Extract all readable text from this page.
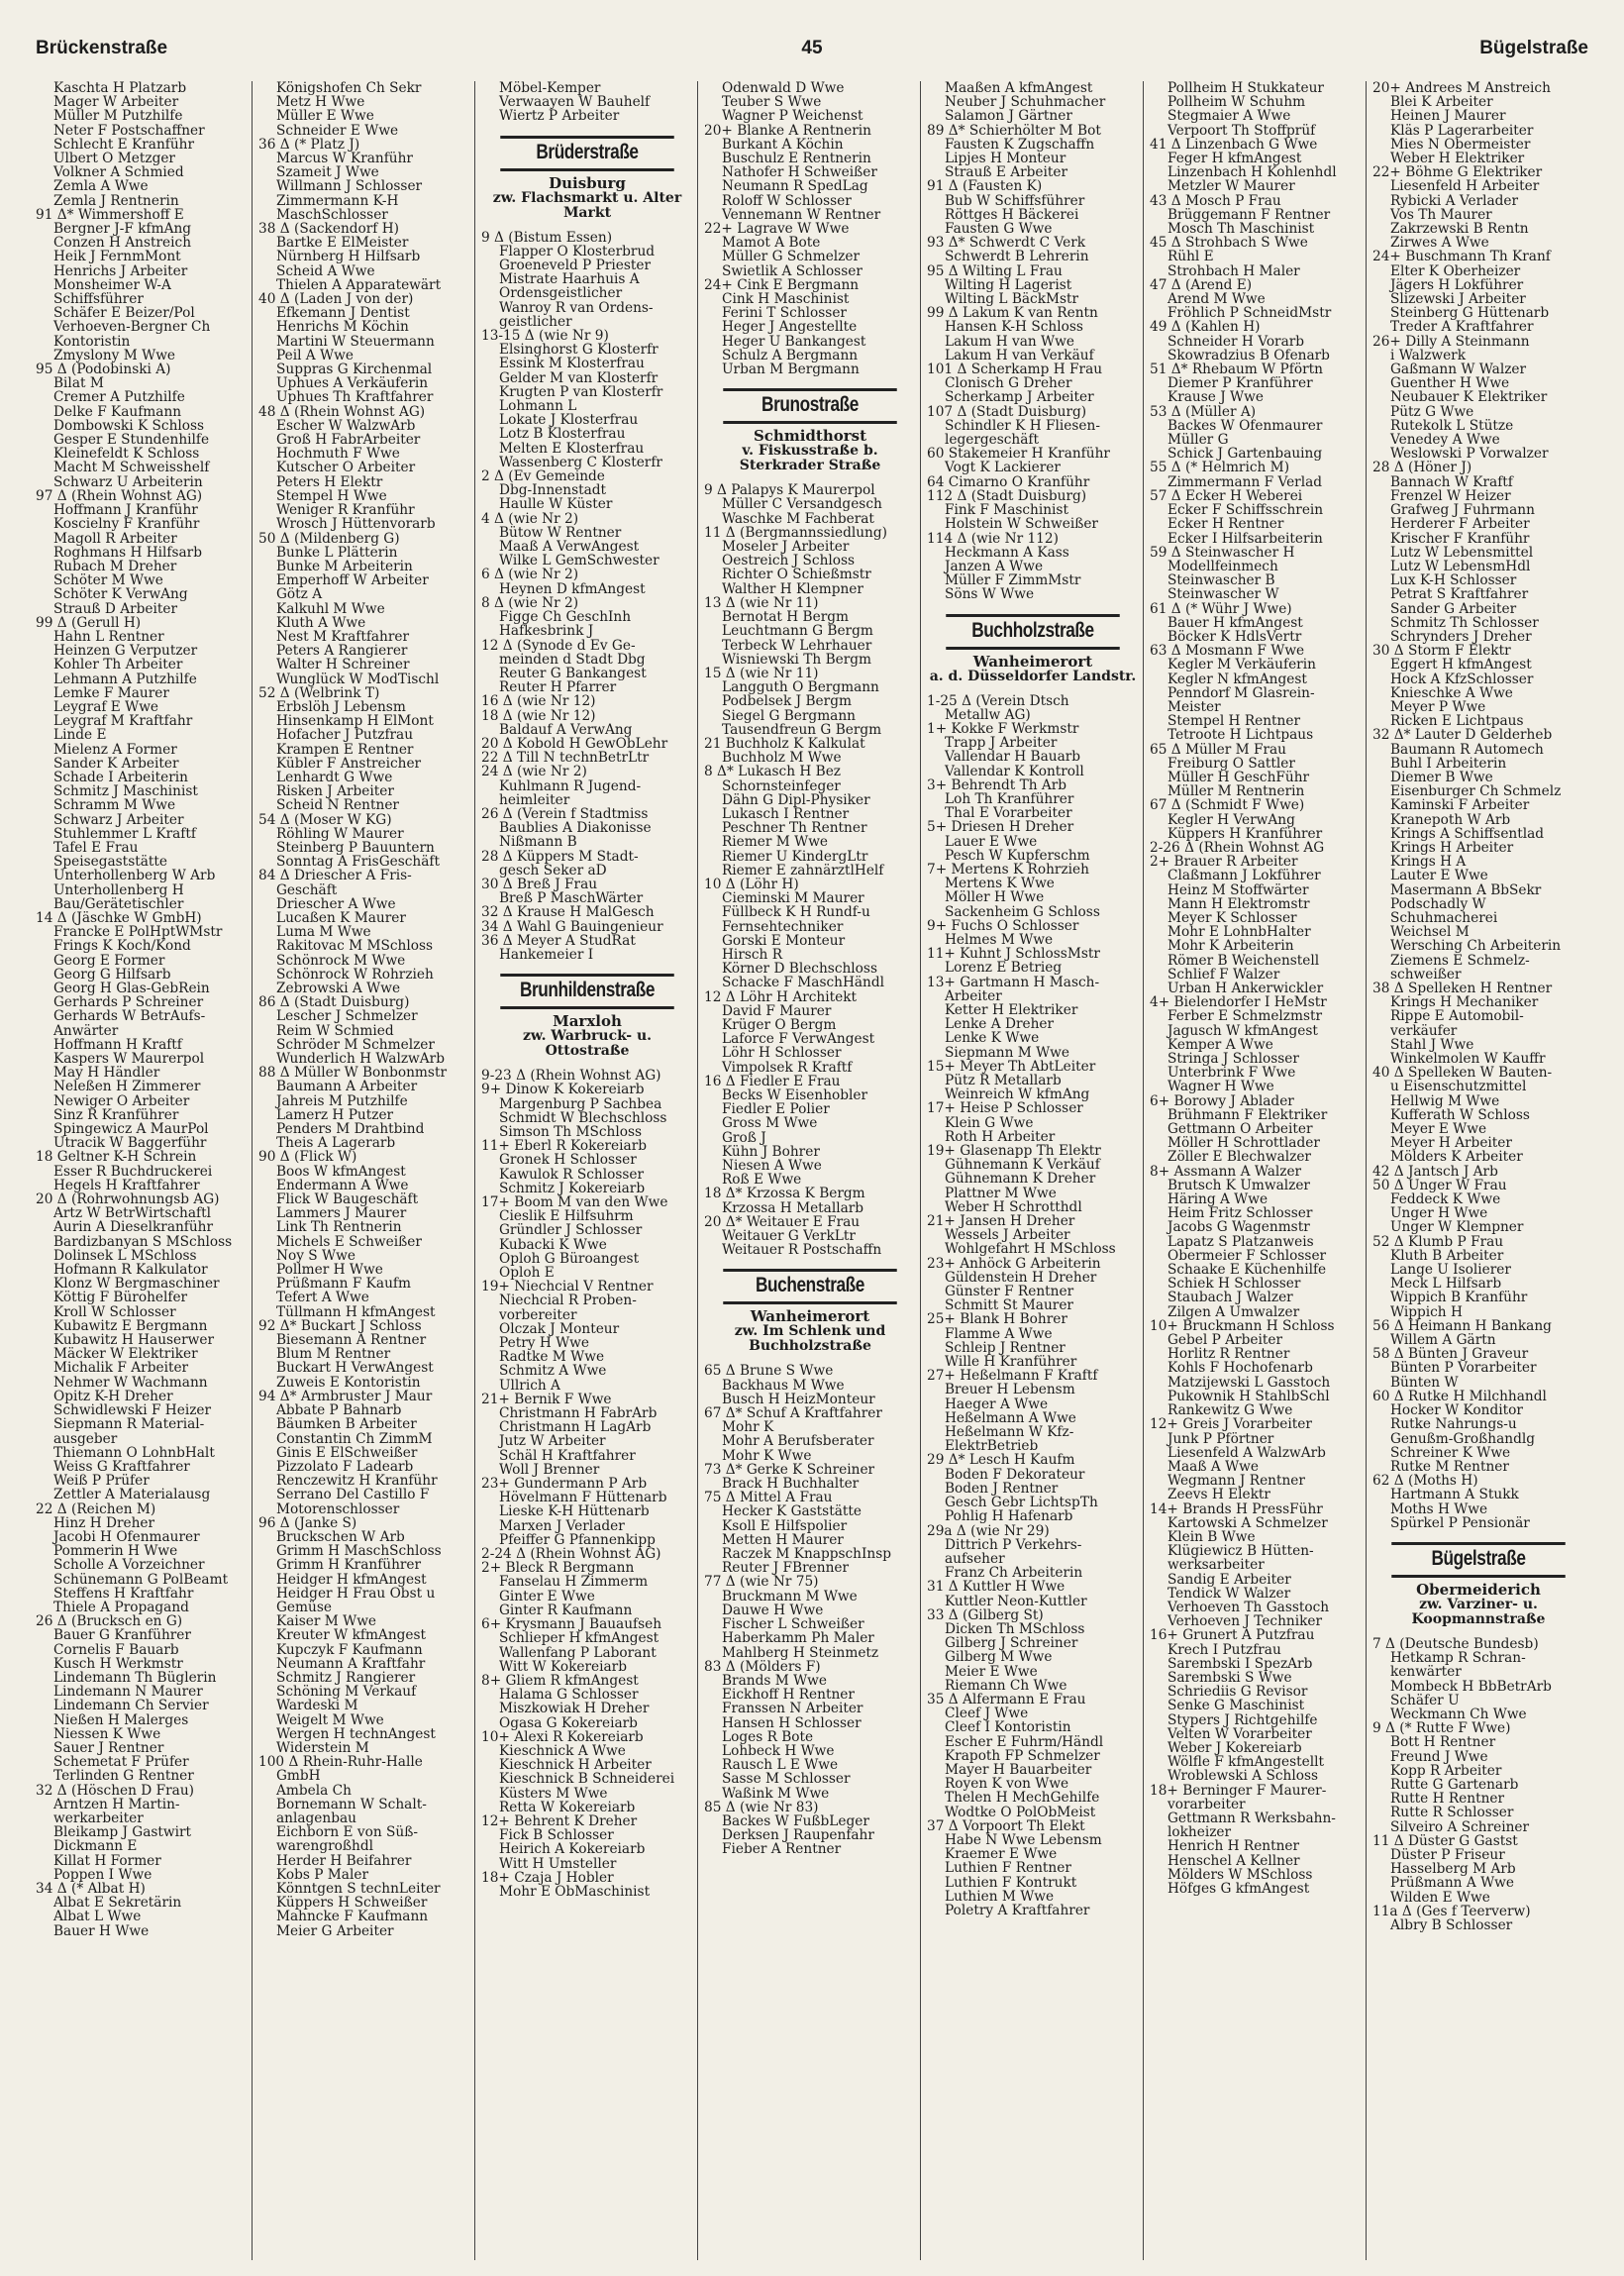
Brückenstraße	45	Bügelstraße
Kaschta H Platzarb
Mager W Arbeiter
Müller M Putzhilfe
Neter F Postschaffner
Schlecht E Kranführ
Ulbert O Metzger
Volkner A Schmied
Zemla A Wwe
Zemla J Rentnerin
91 Δ* Wimmershoff E
Bergner J-F kfmAng
Conzen H Anstreich
Heik J FernmMont
Henrichs J Arbeiter
Monsheimer W-A
Schiffsführer
Schäfer E Beizer/Pol
Verhoeven-Bergner Ch
Kontoristin
Zmyslony M Wwe
95 Δ (Podobinski A)
Bilat M
Cremer A Putzhilfe
Delke F Kaufmann
Dombowski K Schloss
Gesper E Stundenhilfe
Kleinefeldt K Schloss
Macht M Schweisshelf
Schwarz U Arbeiterin
97 Δ (Rhein Wohnst AG)
Hoffmann J Kranführ
Koscielny F Kranführ
Magoll R Arbeiter
Roghmans H Hilfsarb
Rubach M Dreher
Schöter M Wwe
Schöter K VerwAng
Strauß D Arbeiter
99 Δ (Gerull H)
Hahn L Rentner
Heinzen G Verputzer
Kohler Th Arbeiter
Lehmann A Putzhilfe
Lemke F Maurer
Leygraf E Wwe
Leygraf M Kraftfahr
Linde E
Mielenz A Former
Sander K Arbeiter
Schade I Arbeiterin
Schmitz J Maschinist
Schramm M Wwe
Schwarz J Arbeiter
Stuhlemmer L Kraftf
Tafel E Frau
Speisegaststätte
Unterhollenberg W Arb
Unterhollenberg H
Bau/Gerätetischler
14 Δ (Jäschke W GmbH)
Francke E PolHptWMstr
Frings K Koch/Kond
Georg E Former
Georg G Hilfsarb
Georg H Glas-GebRein
Gerhards P Schreiner
Gerhards W BetrAufs-
Anwärter
Hoffmann H Kraftf
Kaspers W Maurerpol
May H Händler
Neleßen H Zimmerer
Newiger O Arbeiter
Sinz R Kranführer
Spingewicz A MaurPol
Utracik W Baggerführ
18 Geltner K-H Schrein
Esser R Buchdruckerei
Hegels H Kraftfahrer
20 Δ (Rohrwohnungsb AG)
Artz W BetrWirtschaftl
Aurin A Dieselkranführ
Bardizbanyan S MSchloss
Dolinsek L MSchloss
Hofmann R Kalkulator
Klonz W Bergmaschiner
Köttig F Bürohelfer
Kroll W Schlosser
Kubawitz E Bergmann
Kubawitz H Hauserwer
Mäcker W Elektriker
Michalik F Arbeiter
Nehmer W Wachmann
Opitz K-H Dreher
Schwidlewski F Heizer
Siepmann R Material-
ausgeber
Thiemann O LohnbHalt
Weiss G Kraftfahrer
Weiß P Prüfer
Zettler A Materialausg
22 Δ (Reichen M)
Hinz H Dreher
Jacobi H Ofenmaurer
Pommerin H Wwe
Scholle A Vorzeichner
Schünemann G PolBeamt
Steffens H Kraftfahr
Thiele A Propagand
26 Δ (Brucksch en G)
Bauer G Kranführer
Cornelis F Bauarb
Kusch H Werkmstr
Lindemann Th Büglerin
Lindemann N Maurer
Lindemann Ch Servier
Nießen H Malerges
Niessen K Wwe
Sauer J Rentner
Schemetat F Prüfer
Terlinden G Rentner
32 Δ (Höschen D Frau)
Arntzen H Martin-
werkarbeiter
Bleikamp J Gastwirt
Dickmann E
Killat H Former
Poppen I Wwe
34 Δ (* Albat H)
Albat E Sekretärin
Albat L Wwe
Bauer H Wwe
Königshofen Ch Sekr
Metz H Wwe
Müller E Wwe
Schneider E Wwe
36 Δ (* Platz J)
Marcus W Kranführ
Szameit J Wwe
Willmann J Schlosser
Zimmermann K-H
MaschSchlosser
38 Δ (Sackendorf H)
Bartke E ElMeister
Nürnberg H Hilfsarb
Scheid A Wwe
Thielen A Apparatewärt
40 Δ (Laden J von der)
Efkemann J Dentist
Henrichs M Köchin
Martini W Steuermann
Peil A Wwe
Suppras G Kirchenmal
Uphues A Verkäuferin
Uphues Th Kraftfahrer
48 Δ (Rhein Wohnst AG)
Escher W WalzwArb
Groß H FabrArbeiter
Hochmuth F Wwe
Kutscher O Arbeiter
Peters H Elektr
Stempel H Wwe
Weniger R Kranführ
Wrosch J Hüttenvorarb
50 Δ (Mildenberg G)
Bunke L Plätterin
Bunke M Arbeiterin
Emperhoff W Arbeiter
Götz A
Kalkuhl M Wwe
Kluth A Wwe
Nest M Kraftfahrer
Peters A Rangierer
Walter H Schreiner
Wunglück W ModTischl
52 Δ (Welbrink T)
Erbslöh J Lebensm
Hinsenkamp H ElMont
Hofacher J Putzfrau
Krampen E Rentner
Kübler F Anstreicher
Lenhardt G Wwe
Risken J Arbeiter
Scheid N Rentner
54 Δ (Moser W KG)
Röhling W Maurer
Steinberg P Bauuntern
Sonntag A FrisGeschäft
84 Δ Driescher A Fris-
Geschäft
Driescher A Wwe
Lucaßen K Maurer
Luma M Wwe
Rakitovac M MSchloss
Schönrock M Wwe
Schönrock W Rohrzieh
Zebrowski A Wwe
86 Δ (Stadt Duisburg)
Lescher J Schmelzer
Reim W Schmied
Schröder M Schmelzer
Wunderlich H WalzwArb
88 Δ Müller W Bonbonmstr
Baumann A Arbeiter
Jahreis M Putzhilfe
Lamerz H Putzer
Penders M Drahtbind
Theis A Lagerarb
90 Δ (Flick W)
Boos W kfmAngest
Endermann A Wwe
Flick W Baugeschäft
Lammers J Maurer
Link Th Rentnerin
Michels E Schweißer
Noy S Wwe
Pollmer H Wwe
Prüßmann F Kaufm
Tefert A Wwe
Tüllmann H kfmAngest
92 Δ* Buckart J Schloss
Biesemann A Rentner
Blum M Rentner
Buckart H VerwAngest
Zuweis E Kontoristin
94 Δ* Armbruster J Maur
Abbate P Bahnarb
Bäumken B Arbeiter
Constantin Ch ZimmM
Ginis E ElSchweißer
Pizzolato F Ladearb
Renczewitz H Kranführ
Serrano Del Castillo F
Motorenschlosser
96 Δ (Janke S)
Bruckschen W Arb
Grimm H MaschSchloss
Grimm H Kranführer
Heidger H kfmAngest
Heidger H Frau Obst u
Gemüse
Kaiser M Wwe
Kreuter W kfmAngest
Kupczyk F Kaufmann
Neumann A Kraftfahr
Schmitz J Rangierer
Schöning M Verkauf
Wardeski M
Weigelt M Wwe
Wergen H technAngest
Widerstein M
100 Δ Rhein-Ruhr-Halle
GmbH
Ambela Ch
Bornemann W Schalt-
anlagenbau
Eichborn E von Süß-
warengroßhdl
Herder H Beifahrer
Kobs P Maler
Könntgen S technLeiter
Küppers H Schweißer
Mahncke F Kaufmann
Meier G Arbeiter
Möbel-Kemper
Verwaayen W Bauhelf
Wiertz P Arbeiter
Brüderstraße
Duisburg
zw. Flachsmarkt u. Alter Markt
9 Δ (Bistum Essen)
Flapper O Klosterbrud
Groeneveld P Priester
Mistrate Haarhuis A
Ordensgeistlicher
Wanroy R van Ordens-
geistlicher
13-15 Δ (wie Nr 9)
Elsinghorst G Klosterfr
Essink M Klosterfrau
Gelder M van Klosterfr
Krugten P van Klosterfr
Lohmann L
Lokate J Klosterfrau
Lotz B Klosterfrau
Melten E Klosterfrau
Wassenberg C Klosterfr
2 Δ (Ev Gemeinde
Dbg-Innenstadt
Haulle W Küster
4 Δ (wie Nr 2)
Bütow W Rentner
Maaß A VerwAngest
Wilke L GemSchwester
6 Δ (wie Nr 2)
Heynen D kfmAngest
8 Δ (wie Nr 2)
Figge Ch GeschInh
Hafkesbrink J
12 Δ (Synode d Ev Ge-
meinden d Stadt Dbg
Reuter G Bankangest
Reuter H Pfarrer
16 Δ (wie Nr 12)
18 Δ (wie Nr 12)
Baldauf A VerwAng
20 Δ Kobold H GewObLehr
22 Δ Till N technBetrLtr
24 Δ (wie Nr 2)
Kuhlmann R Jugend-
heimleiter
26 Δ (Verein f Stadtmiss
Baublies A Diakonisse
Nißmann B
28 Δ Küppers M Stadt-
gesch Seker aD
30 Δ Breß J Frau
Breß P MaschWärter
32 Δ Krause H MalGesch
34 Δ Wahl G Bauingenieur
36 Δ Meyer A StudRat
Hankemeier I
Brunhildenstraße
Marxloh
zw. Warbruck- u. Ottostraße
9-23 Δ (Rhein Wohnst AG)
9+ Dinow K Kokereiarb
Margenburg P Sachbea
Schmidt W Blechschloss
Simson Th MSchloss
11+ Eberl R Kokereiarb
Gronek H Schlosser
Kawulok R Schlosser
Schmitz J Kokereiarb
17+ Boom M van den Wwe
Cieslik E Hilfsuhrm
Gründler J Schlosser
Kubacki K Wwe
Oploh G Büroangest
Oploh E
19+ Niechcial V Rentner
Niechcial R Proben-
vorbereiter
Olczak J Monteur
Petry H Wwe
Radtke M Wwe
Schmitz A Wwe
Ullrich A
21+ Bernik F Wwe
Christmann H FabrArb
Christmann H LagArb
Jutz W Arbeiter
Schäl H Kraftfahrer
Woll J Brenner
23+ Gundermann P Arb
Hövelmann F Hüttenarb
Lieske K-H Hüttenarb
Marxen J Verlader
Pfeiffer G Pfannenkipp
2-24 Δ (Rhein Wohnst AG)
2+ Bleck R Bergmann
Fanselau H Zimmerm
Ginter E Wwe
Ginter R Kaufmann
6+ Krysmann J Bauaufseh
Schlieper H kfmAngest
Wallenfang P Laborant
Witt W Kokereiarb
8+ Gliem R kfmAngest
Halama G Schlosser
Miszkowiak H Dreher
Ogasa G Kokereiarb
10+ Alexi R Kokereiarb
Kieschnick A Wwe
Kieschnick H Arbeiter
Kieschnick B Schneiderei
Küsters M Wwe
Retta W Kokereiarb
12+ Behrent K Dreher
Fick B Schlosser
Heirich A Kokereiarb
Witt H Umsteller
18+ Czaja J Hobler
Mohr E ObMaschinist
Odenwald D Wwe
Teuber S Wwe
Wagner P Weichenst
20+ Blanke A Rentnerin
Burkant A Köchin
Buschulz E Rentnerin
Nathofer H Schweißer
Neumann R SpedLag
Roloff W Schlosser
Vennemann W Rentner
22+ Lagrave W Wwe
Mamot A Bote
Müller G Schmelzer
Swietlik A Schlosser
24+ Cink E Bergmann
Cink H Maschinist
Ferini T Schlosser
Heger J Angestellte
Heger U Bankangest
Schulz A Bergmann
Urban M Bergmann
Brunostraße
Schmidthorst
v. Fiskusstraße b. Sterkrader Straße
9 Δ Palapys K Maurerpol
Müller C Versandgesch
Waschke M Fachberat
11 Δ (Bergmannssiedlung)
Moseler J Arbeiter
Oestreich J Schloss
Richter O Schießmstr
Walther H Klempner
13 Δ (wie Nr 11)
Bernotat H Bergm
Leuchtmann G Bergm
Terbeck W Lehrhauer
Wisniewski Th Bergm
15 Δ (wie Nr 11)
Langguth O Bergmann
Podbelsek J Bergm
Siegel G Bergmann
Tausendfreun G Bergm
21 Buchholz K Kalkulat
Buchholz M Wwe
8 Δ* Lukasch H Bez
Schornsteinfeger
Dähn G Dipl-Physiker
Lukasch I Rentner
Peschner Th Rentner
Riemer M Wwe
Riemer U KindergLtr
Riemer E zahnärztlHelf
10 Δ (Löhr H)
Cieminski M Maurer
Füllbeck K H Rundf-u
Fernsehtechniker
Gorski E Monteur
Hirsch R
Körner D Blechschloss
Schacke F MaschHändl
12 Δ Löhr H Architekt
David F Maurer
Krüger O Bergm
Laforce F VerwAngest
Löhr H Schlosser
Vimpolsek R Kraftf
16 Δ Fiedler E Frau
Becks W Eisenhobler
Fiedler E Polier
Gross M Wwe
Groß J
Kühn J Bohrer
Niesen A Wwe
Roß E Wwe
18 Δ* Krzossa K Bergm
Krzossa H Metallarb
20 Δ* Weitauer E Frau
Weitauer G VerkLtr
Weitauer R Postschaffn
Buchenstraße
Wanheimerort
zw. Im Schlenk und Buchholzstraße
65 Δ Brune S Wwe
Backhaus M Wwe
Busch H HeizMonteur
67 Δ* Schuf A Kraftfahrer
Mohr K
Mohr A Berufsberater
Mohr K Wwe
73 Δ* Gerke K Schreiner
Brack H Buchhalter
75 Δ Mittel A Frau
Hecker K Gaststätte
Ksoll E Hilfspolier
Metten H Maurer
Raczek M KnappschInsp
Reuter J FBrenner
77 Δ (wie Nr 75)
Bruckmann M Wwe
Dauwe H Wwe
Fischer L Schweißer
Haberkamm Ph Maler
Mahlberg H Steinmetz
83 Δ (Mölders F)
Brands M Wwe
Eickhoff H Rentner
Franssen N Arbeiter
Hansen H Schlosser
Loges R Bote
Lohbeck H Wwe
Rausch L E Wwe
Sasse M Schlosser
Waßink M Wwe
85 Δ (wie Nr 83)
Backes W FußbLeger
Derksen J Raupenfahr
Fieber A Rentner
Maaßen A kfmAngest
Neuber J Schuhmacher
Salamon J Gärtner
89 Δ* Schierhölter M Bot
Fausten K Zugschaffn
Lipjes H Monteur
Strauß E Arbeiter
91 Δ (Fausten K)
Bub W Schiffsführer
Röttges H Bäckerei
Fausten G Wwe
93 Δ* Schwerdt C Verk
Schwerdt B Lehrerin
95 Δ Wilting L Frau
Wilting H Lagerist
Wilting L BäckMstr
99 Δ Lakum K van Rentn
Hansen K-H Schloss
Lakum H van Wwe
Lakum H van Verkäuf
101 Δ Scherkamp H Frau
Clonisch G Dreher
Scherkamp J Arbeiter
107 Δ (Stadt Duisburg)
Schindler K H Fliesen-
legergeschäft
60 Stakemeier H Kranführ
Vogt K Lackierer
64 Cimarno O Kranführ
112 Δ (Stadt Duisburg)
Fink F Maschinist
Holstein W Schweißer
114 Δ (wie Nr 112)
Heckmann A Kass
Janzen A Wwe
Müller F ZimmMstr
Söns W Wwe
Buchholzstraße
Wanheimerort
a. d. Düsseldorfer Landstr.
1-25 Δ (Verein Dtsch
Metallw AG)
1+ Kokke F Werkmstr
Trapp J Arbeiter
Vallendar H Bauarb
Vallendar K Kontroll
3+ Behrendt Th Arb
Loh Th Kranführer
Thal E Vorarbeiter
5+ Driesen H Dreher
Lauer E Wwe
Pesch W Kupferschm
7+ Mertens K Rohrzieh
Mertens K Wwe
Möller H Wwe
Sackenheim G Schloss
9+ Fuchs O Schlosser
Helmes M Wwe
11+ Kuhnt J SchlossMstr
Lorenz E Betrieg
13+ Gartmann H Masch-
Arbeiter
Ketter H Elektriker
Lenke A Dreher
Lenke K Wwe
Siepmann M Wwe
15+ Meyer Th AbtLeiter
Pütz R Metallarb
Weinreich W kfmAng
17+ Heise P Schlosser
Klein G Wwe
Roth H Arbeiter
19+ Glasenapp Th Elektr
Gühnemann K Verkäuf
Gühnemann K Dreher
Plattner M Wwe
Weber H Schrotthdl
21+ Jansen H Dreher
Wessels J Arbeiter
Wohlgefahrt H MSchloss
23+ Anhöck G Arbeiterin
Güldenstein H Dreher
Günster F Rentner
Schmitt St Maurer
25+ Blank H Bohrer
Flamme A Wwe
Schleip J Rentner
Wille H Kranführer
27+ Heßelmann F Kraftf
Breuer H Lebensm
Haeger A Wwe
Heßelmann A Wwe
Heßelmann W Kfz-
ElektrBetrieb
29 Δ* Lesch H Kaufm
Boden F Dekorateur
Boden J Rentner
Gesch Gebr LichtspTh
Pohlig H Hafenarb
29a Δ (wie Nr 29)
Dittrich P Verkehrs-
aufseher
Franz Ch Arbeiterin
31 Δ Kuttler H Wwe
Kuttler Neon-Kuttler
33 Δ (Gilberg St)
Dicken Th MSchloss
Gilberg J Schreiner
Gilberg M Wwe
Meier E Wwe
Riemann Ch Wwe
35 Δ Alfermann E Frau
Cleef J Wwe
Cleef I Kontoristin
Escher E Fuhrm/Händl
Krapoth FP Schmelzer
Mayer H Bauarbeiter
Royen K von Wwe
Thelen H MechGehilfe
Wodtke O PolObMeist
37 Δ Vorpoort Th Elekt
Habe N Wwe Lebensm
Kraemer E Wwe
Luthien F Rentner
Luthien F Kontrukt
Luthien M Wwe
Poletry A Kraftfahrer
Pollheim H Stukkateur
Pollheim W Schuhm
Stegmaier A Wwe
Verpoort Th Stoffprüf
41 Δ Linzenbach G Wwe
Feger H kfmAngest
Linzenbach H Kohlenhdl
Metzler W Maurer
43 Δ Mosch P Frau
Brüggemann F Rentner
Mosch Th Maschinist
45 Δ Strohbach S Wwe
Rühl E
Strohbach H Maler
47 Δ (Arend E)
Arend M Wwe
Fröhlich P SchneidMstr
49 Δ (Kahlen H)
Schneider H Vorarb
Skowradzius B Ofenarb
51 Δ* Rhebaum W Pförtn
Diemer P Kranführer
Krause J Wwe
53 Δ (Müller A)
Backes W Ofenmaurer
Müller G
Schick J Gartenbauing
55 Δ (* Helmrich M)
Zimmermann F Verlad
57 Δ Ecker H Weberei
Ecker F Schiffsschrein
Ecker H Rentner
Ecker I Hilfsarbeiterin
59 Δ Steinwascher H
Modellfeinmech
Steinwascher B
Steinwascher W
61 Δ (* Wühr J Wwe)
Bauer H kfmAngest
Böcker K HdlsVertr
63 Δ Mosmann F Wwe
Kegler M Verkäuferin
Kegler N kfmAngest
Penndorf M Glasrein-
Meister
Stempel H Rentner
Tetroote H Lichtpaus
65 Δ Müller M Frau
Freiburg O Sattler
Müller H GeschFühr
Müller M Rentnerin
67 Δ (Schmidt F Wwe)
Kegler H VerwAng
Küppers H Kranführer
2-26 Δ (Rhein Wohnst AG
2+ Brauer R Arbeiter
Claßmann J Lokführer
Heinz M Stoffwärter
Mann H Elektromstr
Meyer K Schlosser
Mohr E LohnbHalter
Mohr K Arbeiterin
Römer B Weichenstell
Schlief F Walzer
Urban H Ankerwickler
4+ Bielendorfer I HeMstr
Ferber E Schmelzmstr
Jagusch W kfmAngest
Kemper A Wwe
Stringa J Schlosser
Unterbrink F Wwe
Wagner H Wwe
6+ Borowy J Ablader
Brühmann F Elektriker
Gettmann O Arbeiter
Möller H Schrottlader
Zöller E Blechwalzer
8+ Assmann A Walzer
Brutsch K Umwalzer
Häring A Wwe
Heim Fritz Schlosser
Jacobs G Wagenmstr
Lapatz S Platzanweis
Obermeier F Schlosser
Schaake E Küchenhilfe
Schiek H Schlosser
Staubach J Walzer
Zilgen A Umwalzer
10+ Bruckmann H Schloss
Gebel P Arbeiter
Horlitz R Rentner
Kohls F Hochofenarb
Matzijewski L Gasstoch
Pukownik H StahlbSchl
Rankewitz G Wwe
12+ Greis J Vorarbeiter
Junk P Pförtner
Liesenfeld A WalzwArb
Maaß A Wwe
Wegmann J Rentner
Zeevs H Elektr
14+ Brands H PressFühr
Kartowski A Schmelzer
Klein B Wwe
Klügiewicz B Hütten-
werksarbeiter
Sandig E Arbeiter
Tendick W Walzer
Verhoeven Th Gasstoch
Verhoeven J Techniker
16+ Grunert A Putzfrau
Krech I Putzfrau
Sarembski I SpezArb
Sarembski S Wwe
Schriediis G Revisor
Senke G Maschinist
Stypers J Richtgehilfe
Velten W Vorarbeiter
Weber J Kokereiarb
Wölfle F kfmAngestellt
Wroblewski A Schloss
18+ Berninger F Maurer-
vorarbeiter
Gettmann R Werksbahn-
lokheizer
Henrich H Rentner
Henschel A Kellner
Mölders W MSchloss
Höfges G kfmAngest
20+ Andrees M Anstreich
Blei K Arbeiter
Heinen J Maurer
Kläs P Lagerarbeiter
Mies N Obermeister
Weber H Elektriker
22+ Böhme G Elektriker
Liesenfeld H Arbeiter
Rybicki A Verlader
Vos Th Maurer
Zakrzewski B Rentn
Zirwes A Wwe
24+ Buschmann Th Kranf
Elter K Oberheizer
Jägers H Lokführer
Slizewski J Arbeiter
Steinberg G Hüttenarb
Treder A Kraftfahrer
26+ Dilly A Steinmann
i Walzwerk
Gaßmann W Walzer
Guenther H Wwe
Neubauer K Elektriker
Pütz G Wwe
Rutekolk L Stütze
Venedey A Wwe
Weslowski P Vorwalzer
28 Δ (Höner J)
Bannach W Kraftf
Frenzel W Heizer
Grafweg J Fuhrmann
Herderer F Arbeiter
Krischer F Kranführ
Lutz W Lebensmittel
Lutz W LebensmHdl
Lux K-H Schlosser
Petrat S Kraftfahrer
Sander G Arbeiter
Schmitz Th Schlosser
Schrynders J Dreher
30 Δ Storm F Elektr
Eggert H kfmAngest
Hock A KfzSchlosser
Knieschke A Wwe
Meyer P Wwe
Ricken E Lichtpaus
32 Δ* Lauter D Gelderheb
Baumann R Automech
Buhl I Arbeiterin
Diemer B Wwe
Eisenburger Ch Schmelz
Kaminski F Arbeiter
Kranepoth W Arb
Krings A Schiffsentlad
Krings H Arbeiter
Krings H A
Lauter E Wwe
Masermann A BbSekr
Podschadly W
Schuhmacherei
Weichsel M
Wersching Ch Arbeiterin
Ziemens E Schmelz-
schweißer
38 Δ Spelleken H Rentner
Krings H Mechaniker
Rippe E Automobil-
verkäufer
Stahl J Wwe
Winkelmolen W Kauffr
40 Δ Spelleken W Bauten-
u Eisenschutzmittel
Hellwig M Wwe
Kufferath W Schloss
Meyer E Wwe
Meyer H Arbeiter
Mölders K Arbeiter
42 Δ Jantsch J Arb
50 Δ Unger W Frau
Feddeck K Wwe
Unger H Wwe
Unger W Klempner
52 Δ Klumb P Frau
Kluth B Arbeiter
Lange U Isolierer
Meck L Hilfsarb
Wippich B Kranführ
Wippich H
56 Δ Heimann H Bankang
Willem A Gärtn
58 Δ Bünten J Graveur
Bünten P Vorarbeiter
Bünten W
60 Δ Rutke H Milchhandl
Hocker W Konditor
Rutke Nahrungs-u
Genußm-Großhandlg
Schreiner K Wwe
Rutke M Rentner
62 Δ (Moths H)
Hartmann A Stukk
Moths H Wwe
Spürkel P Pensionär
Bügelstraße
Obermeiderich
zw. Varziner- u. Koopmannstraße
7 Δ (Deutsche Bundesb)
Hetkamp R Schran-
kenwärter
Mombeck H BbBetrArb
Schäfer U
Weckmann Ch Wwe
9 Δ (* Rutte F Wwe)
Bott H Rentner
Freund J Wwe
Kopp R Arbeiter
Rutte G Gartenarb
Rutte H Rentner
Rutte R Schlosser
Silveiro A Schreiner
11 Δ Düster G Gastst
Düster P Friseur
Hasselberg M Arb
Prüßmann A Wwe
Wilden E Wwe
11a Δ (Ges f Teerverw)
Albry B Schlosser
